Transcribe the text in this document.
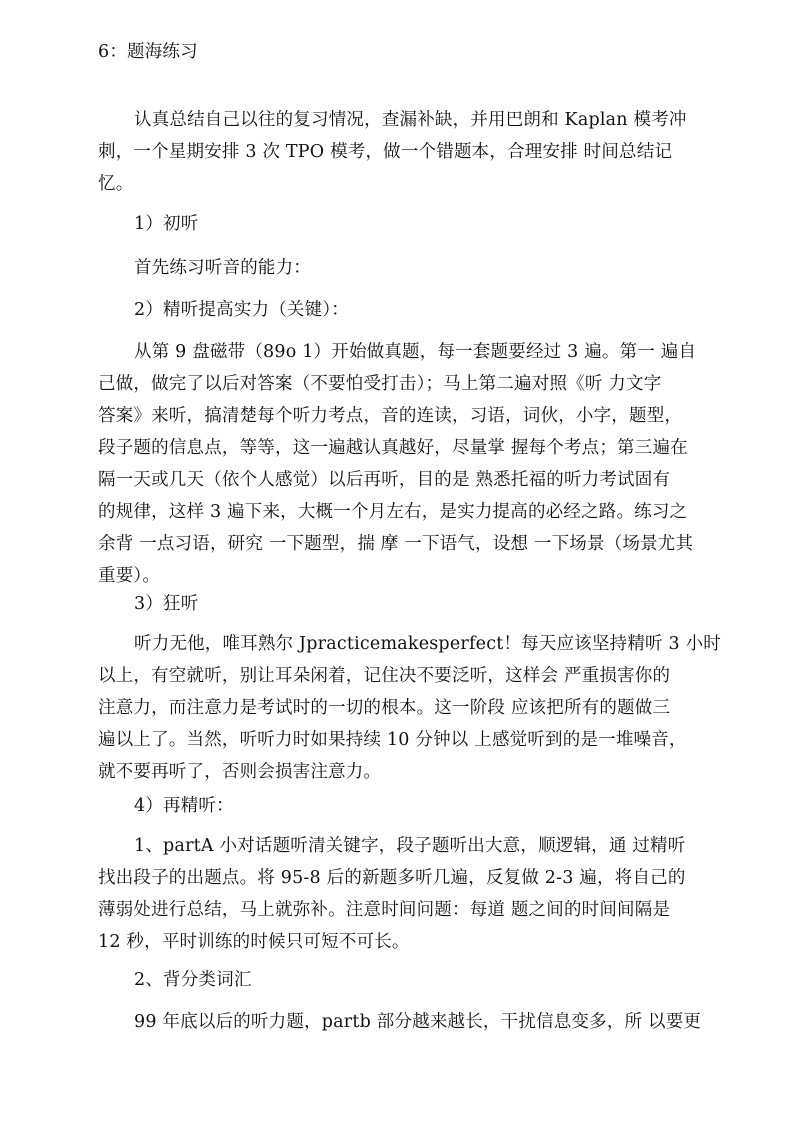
6：题海练习
认真总结自己以往的复习情况，查漏补缺，并用巴朗和 Kaplan 模考冲
刺，一个星期安排 3 次 TPO 模考，做一个错题本，合理安排 时间总结记
忆。
1）初听
首先练习听音的能力：
2）精听提高实力（关键）：
从第 9 盘磁带（89o 1）开始做真题，每一套题要经过 3 遍。第一 遍自
己做，做完了以后对答案（不要怕受打击）；马上第二遍对照《听 力文字
答案》来听，搞清楚每个听力考点，音的连读，习语，词伙，小字，题型，
段子题的信息点，等等，这一遍越认真越好，尽量掌 握每个考点；第三遍在
隔一天或几天（依个人感觉）以后再听，目的是 熟悉托福的听力考试固有
的规律，这样 3 遍下来，大概一个月左右，是实力提高的必经之路。练习之
余背 一点习语，研究 一下题型，揣 摩 一下语气，设想 一下场景（场景尤其
重要）。
3）狂听
听力无他，唯耳熟尔 Jpracticemakesperfect！每天应该坚持精听 3 小时
以上，有空就听，别让耳朵闲着，记住决不要泛听，这样会 严重损害你的
注意力，而注意力是考试时的一切的根本。这一阶段 应该把所有的题做三
遍以上了。当然，听听力时如果持续 10 分钟以 上感觉听到的是一堆噪音，
就不要再听了，否则会损害注意力。
4）再精听：
1、partA 小对话题听清关键字，段子题听出大意，顺逻辑，通 过精听
找出段子的出题点。将 95-8 后的新题多听几遍，反复做 2-3 遍，将自己的
薄弱处进行总结，马上就弥补。注意时间问题：每道 题之间的时间间隔是
12 秒，平时训练的时候只可短不可长。
2、背分类词汇
99 年底以后的听力题，partb 部分越来越长，干扰信息变多，所 以要更
